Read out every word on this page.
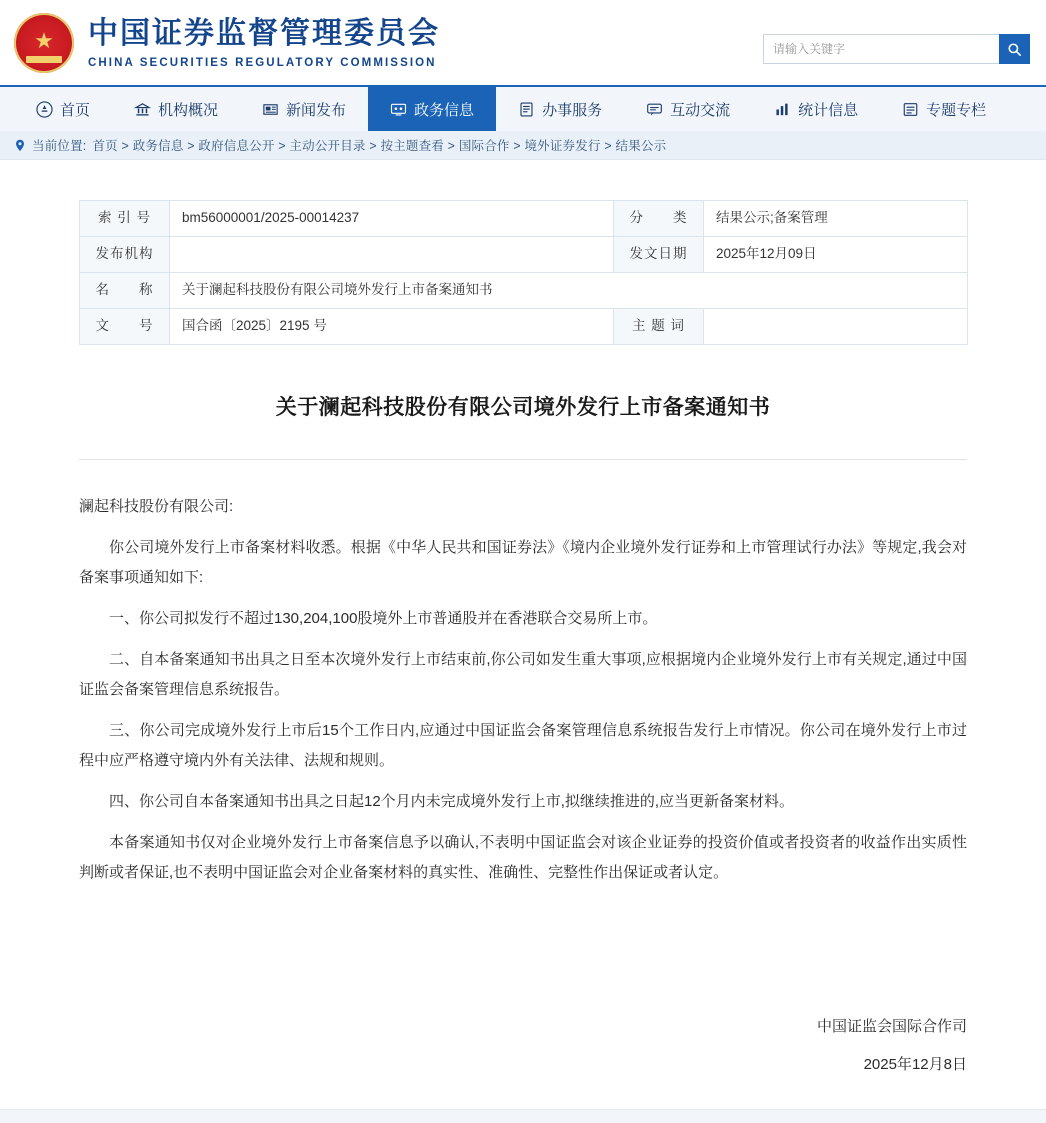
★
中国证券监督管理委员会
CHINA SECURITIES REGULATORY COMMISSION
请输入关键字
首页	机构概况	新闻发布	政务信息	办事服务	互动交流	统计信息	专题专栏
当前位置: 首页 > 政务信息 > 政府信息公开 > 主动公开目录 > 按主题查看 > 国际合作 > 境外证券发行 > 结果公示
索 引 号	bm56000001/2025-00014237	分　　类	结果公示;备案管理
发布机构		发文日期	2025年12月09日
名　　称	关于澜起科技股份有限公司境外发行上市备案通知书		
文　　号	国合函〔2025〕2195 号	主 题 词	
关于澜起科技股份有限公司境外发行上市备案通知书

澜起科技股份有限公司:

你公司境外发行上市备案材料收悉。根据《中华人民共和国证券法》《境内企业境外发行证券和上市管理试行办法》等规定,我会对备案事项通知如下:

一、你公司拟发行不超过130,204,100股境外上市普通股并在香港联合交易所上市。

二、自本备案通知书出具之日至本次境外发行上市结束前,你公司如发生重大事项,应根据境内企业境外发行上市有关规定,通过中国证监会备案管理信息系统报告。

三、你公司完成境外发行上市后15个工作日内,应通过中国证监会备案管理信息系统报告发行上市情况。你公司在境外发行上市过程中应严格遵守境内外有关法律、法规和规则。

四、你公司自本备案通知书出具之日起12个月内未完成境外发行上市,拟继续推进的,应当更新备案材料。

本备案通知书仅对企业境外发行上市备案信息予以确认,不表明中国证监会对该企业证券的投资价值或者投资者的收益作出实质性判断或者保证,也不表明中国证监会对企业备案材料的真实性、准确性、完整性作出保证或者认定。

中国证监会国际合作司
2025年12月8日
